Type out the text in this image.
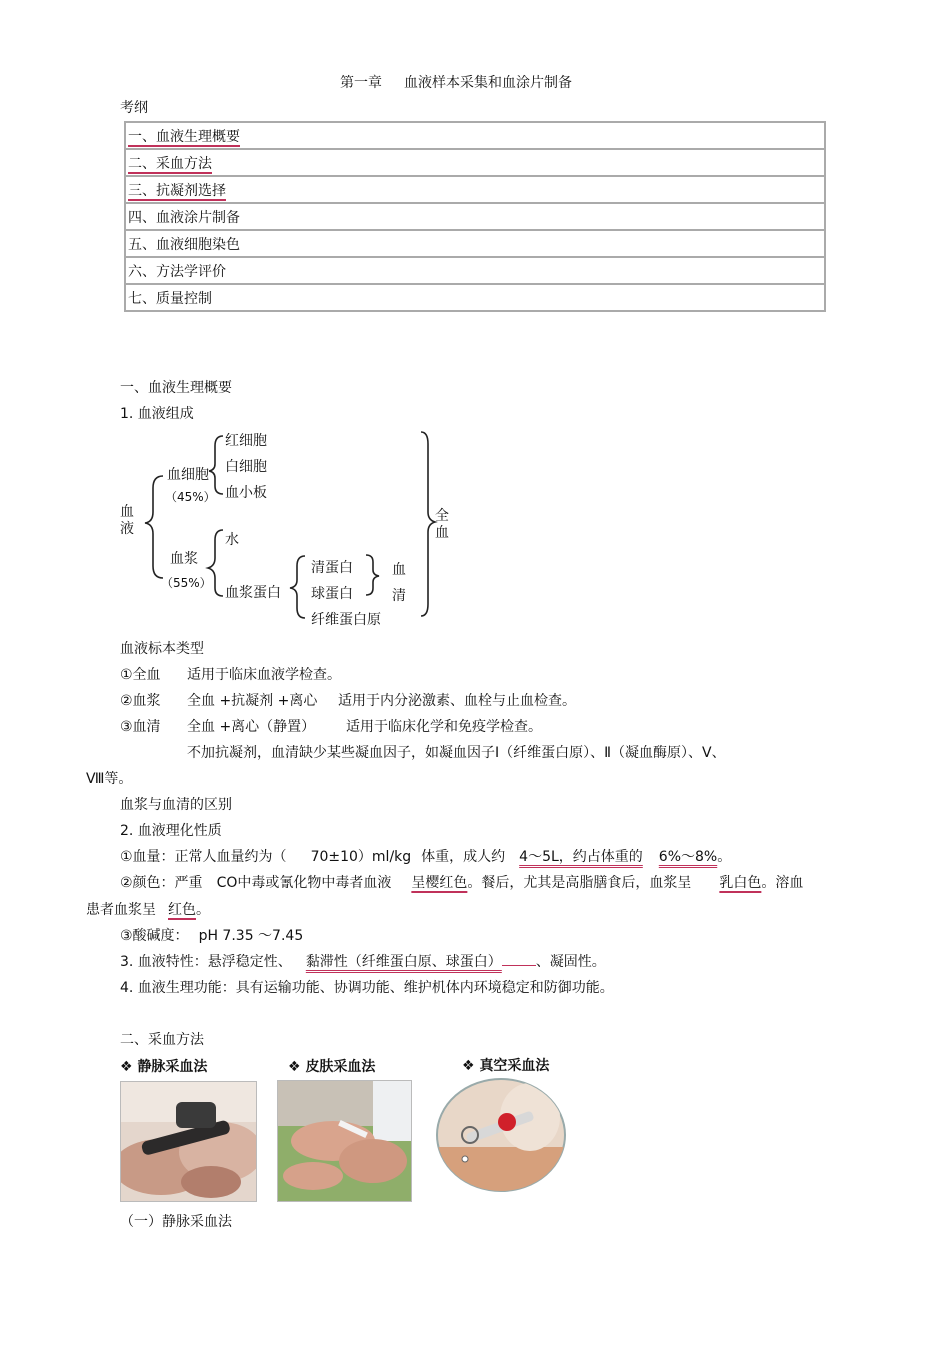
第一章 血液样本采集和血涂片制备
考纲
一、血液生理概要
二、采血方法
三、抗凝剂选择
四、血液涂片制备
五、血液细胞染色
六、方法学评价
七、质量控制
一、血液生理概要
1. 血液组成
血液
血细胞
（45%）
红细胞
白细胞
血小板
血浆
（55%）
水
血浆蛋白
清蛋白
球蛋白
纤维蛋白原
血清
全血
血液标本类型
①全血 适用于临床血液学检查。
②血浆 全血 +抗凝剂 +离心 适用于内分泌激素、血栓与止血检查。
③血清 全血 +离心（静置） 适用于临床化学和免疫学检查。
不加抗凝剂，血清缺少某些凝血因子，如凝血因子Ⅰ（纤维蛋白原）、Ⅱ（凝血酶原）、Ⅴ、
Ⅷ等。
血浆与血清的区别
2. 血液理化性质
①血量：正常人血量约为（ 70±10）ml/kg 体重，成人约 4～5L，约占体重的 6%～8%。
②颜色：严重 CO中毒或氰化物中毒者血液 呈樱红色。餐后，尤其是高脂膳食后，血浆呈 乳白色。溶血
患者血浆呈 红色。
③酸碱度： pH 7.35 ～7.45
3. 血液特性：悬浮稳定性、 黏滞性（纤维蛋白原、球蛋白） 、凝固性。
4. 血液生理功能：具有运输功能、协调功能、维护机体内环境稳定和防御功能。
二、采血方法
❖ 静脉采血法	❖ 皮肤采血法	❖ 真空采血法
（一）静脉采血法
